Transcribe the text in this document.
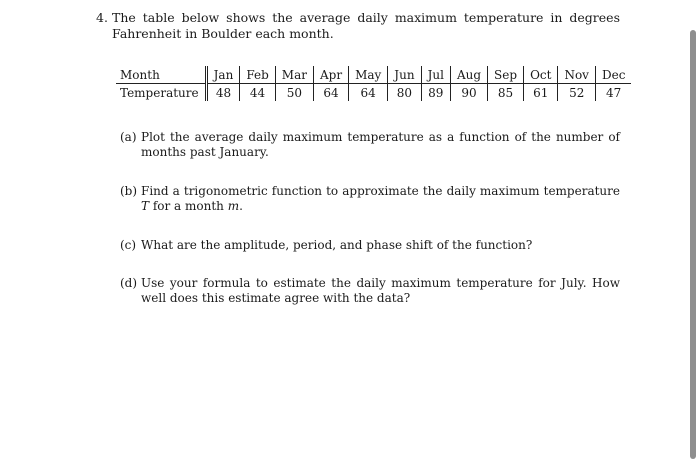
4. The table below shows the average daily maximum temperature in degrees Fahrenheit in Boulder each month.
Month	Jan	Feb	Mar	Apr	May	Jun	Jul	Aug	Sep	Oct	Nov	Dec
Temperature	48	44	50	64	64	80	89	90	85	61	52	47
(a) Plot the average daily maximum temperature as a function of the number of months past January.
(b) Find a trigonometric function to approximate the daily maximum temperature T for a month m.
(c) What are the amplitude, period, and phase shift of the function?
(d) Use your formula to estimate the daily maximum temperature for July. How well does this estimate agree with the data?
